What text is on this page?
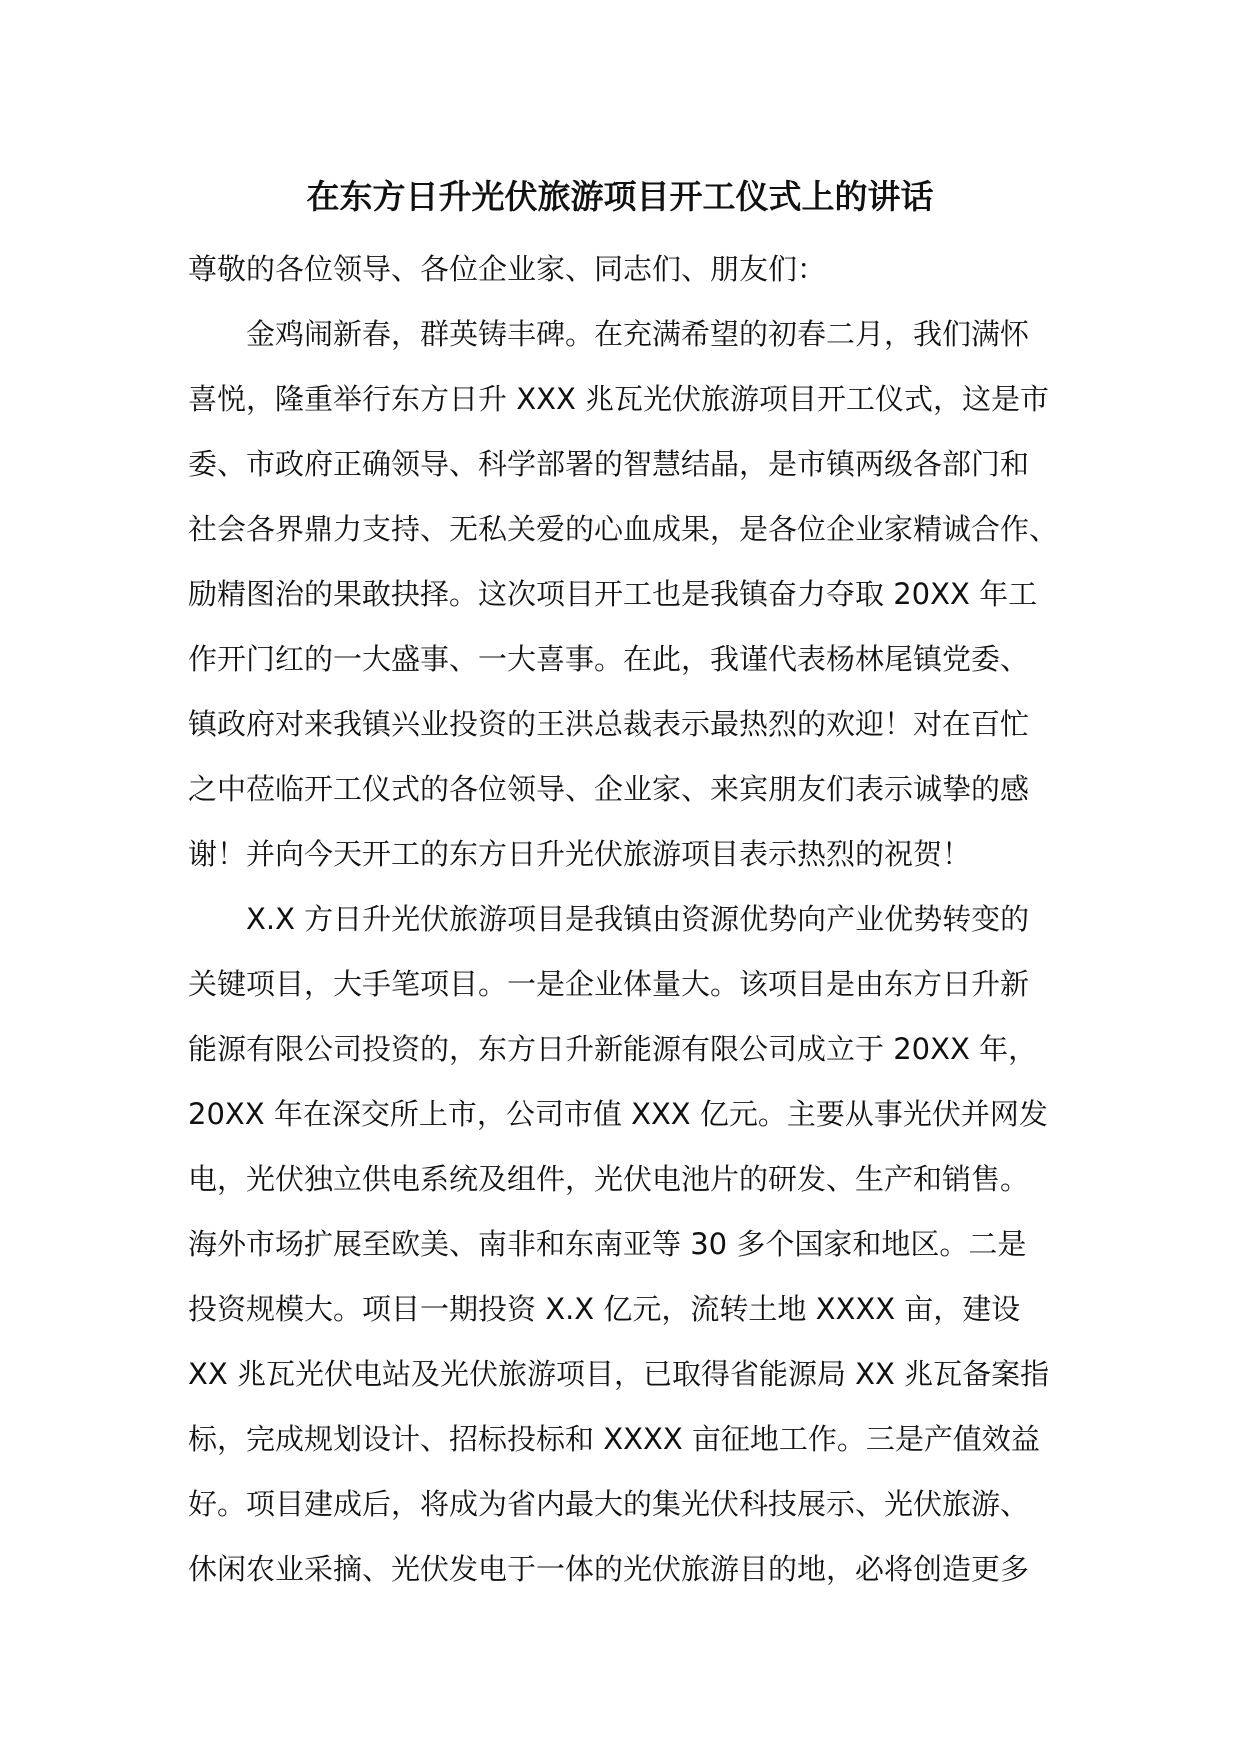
在东方日升光伏旅游项目开工仪式上的讲话
尊敬的各位领导、各位企业家、同志们、朋友们：
金鸡闹新春，群英铸丰碑。在充满希望的初春二月，我们满怀
喜悦，隆重举行东方日升 XXX 兆瓦光伏旅游项目开工仪式，这是市
委、市政府正确领导、科学部署的智慧结晶，是市镇两级各部门和
社会各界鼎力支持、无私关爱的心血成果，是各位企业家精诚合作、
励精图治的果敢抉择。这次项目开工也是我镇奋力夺取 20XX 年工
作开门红的一大盛事、一大喜事。在此，我谨代表杨林尾镇党委、
镇政府对来我镇兴业投资的王洪总裁表示最热烈的欢迎！对在百忙
之中莅临开工仪式的各位领导、企业家、来宾朋友们表示诚挚的感
谢！并向今天开工的东方日升光伏旅游项目表示热烈的祝贺！
X.X 方日升光伏旅游项目是我镇由资源优势向产业优势转变的
关键项目，大手笔项目。一是企业体量大。该项目是由东方日升新
能源有限公司投资的，东方日升新能源有限公司成立于 20XX 年，
20XX 年在深交所上市，公司市值 XXX 亿元。主要从事光伏并网发
电，光伏独立供电系统及组件，光伏电池片的研发、生产和销售。
海外市场扩展至欧美、南非和东南亚等 30 多个国家和地区。二是
投资规模大。项目一期投资 X.X 亿元，流转土地 XXXX 亩，建设
XX 兆瓦光伏电站及光伏旅游项目，已取得省能源局 XX 兆瓦备案指
标，完成规划设计、招标投标和 XXXX 亩征地工作。三是产值效益
好。项目建成后，将成为省内最大的集光伏科技展示、光伏旅游、
休闲农业采摘、光伏发电于一体的光伏旅游目的地，必将创造更多
